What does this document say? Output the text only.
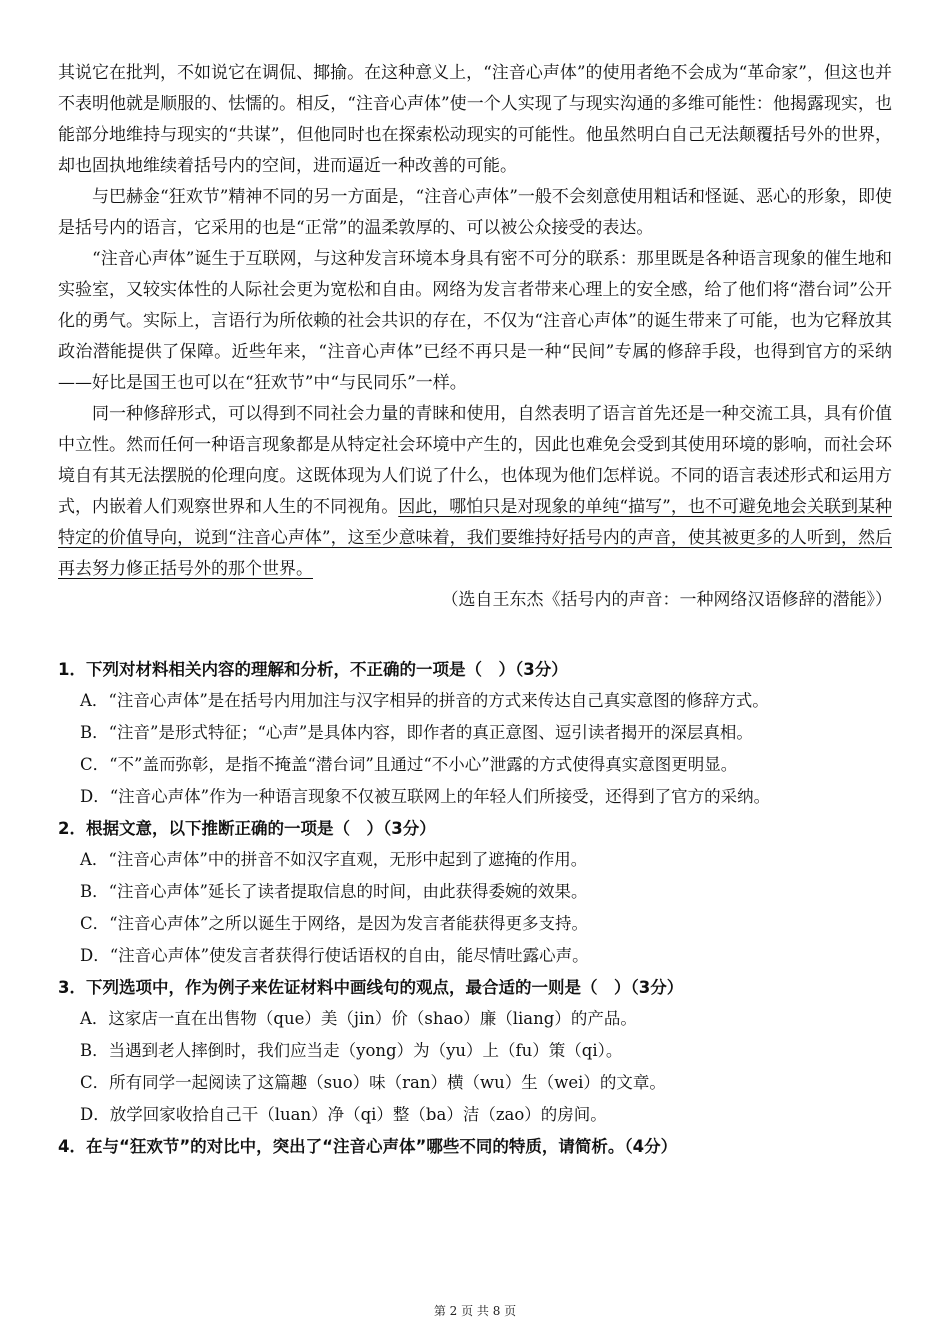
其说它在批判，不如说它在调侃、揶揄。在这种意义上，“注音心声体”的使用者绝不会成为“革命家”，但这也并不表明他就是顺服的、怯懦的。相反，“注音心声体”使一个人实现了与现实沟通的多维可能性：他揭露现实，也能部分地维持与现实的“共谋”，但他同时也在探索松动现实的可能性。他虽然明白自己无法颠覆括号外的世界，却也固执地维续着括号内的空间，进而逼近一种改善的可能。

与巴赫金“狂欢节”精神不同的另一方面是，“注音心声体”一般不会刻意使用粗话和怪诞、恶心的形象，即使是括号内的语言，它采用的也是“正常”的温柔敦厚的、可以被公众接受的表达。

“注音心声体”诞生于互联网，与这种发言环境本身具有密不可分的联系：那里既是各种语言现象的催生地和实验室，又较实体性的人际社会更为宽松和自由。网络为发言者带来心理上的安全感，给了他们将“潜台词”公开化的勇气。实际上，言语行为所依赖的社会共识的存在，不仅为“注音心声体”的诞生带来了可能，也为它释放其政治潜能提供了保障。近些年来，“注音心声体”已经不再只是一种“民间”专属的修辞手段，也得到官方的采纳——好比是国王也可以在“狂欢节”中“与民同乐”一样。

同一种修辞形式，可以得到不同社会力量的青睐和使用，自然表明了语言首先还是一种交流工具，具有价值中立性。然而任何一种语言现象都是从特定社会环境中产生的，因此也难免会受到其使用环境的影响，而社会环境自有其无法摆脱的伦理向度。这既体现为人们说了什么，也体现为他们怎样说。不同的语言表述形式和运用方式，内嵌着人们观察世界和人生的不同视角。因此，哪怕只是对现象的单纯“描写”，也不可避免地会关联到某种特定的价值导向，说到“注音心声体”，这至少意味着，我们要维持好括号内的声音，使其被更多的人听到，然后再去努力修正括号外的那个世界。

（选自王东杰《括号内的声音：一种网络汉语修辞的潜能》）

1．下列对材料相关内容的理解和分析，不正确的一项是（　）（3分）

A．“注音心声体”是在括号内用加注与汉字相异的拼音的方式来传达自己真实意图的修辞方式。

B．“注音”是形式特征；“心声”是具体内容，即作者的真正意图、逗引读者揭开的深层真相。

C．“不”盖而弥彰，是指不掩盖“潜台词”且通过“不小心”泄露的方式使得真实意图更明显。

D．“注音心声体”作为一种语言现象不仅被互联网上的年轻人们所接受，还得到了官方的采纳。

2．根据文意，以下推断正确的一项是（　）（3分）

A．“注音心声体”中的拼音不如汉字直观，无形中起到了遮掩的作用。

B．“注音心声体”延长了读者提取信息的时间，由此获得委婉的效果。

C．“注音心声体”之所以诞生于网络，是因为发言者能获得更多支持。

D．“注音心声体”使发言者获得行使话语权的自由，能尽情吐露心声。

3．下列选项中，作为例子来佐证材料中画线句的观点，最合适的一则是（　）（3分）

A．这家店一直在出售物（que）美（jin）价（shao）廉（liang）的产品。

B．当遇到老人摔倒时，我们应当走（yong）为（yu）上（fu）策（qi）。

C．所有同学一起阅读了这篇趣（suo）味（ran）横（wu）生（wei）的文章。

D．放学回家收拾自己干（luan）净（qi）整（ba）洁（zao）的房间。

4．在与“狂欢节”的对比中，突出了“注音心声体”哪些不同的特质，请简析。（4分）

第 2 页 共 8 页
